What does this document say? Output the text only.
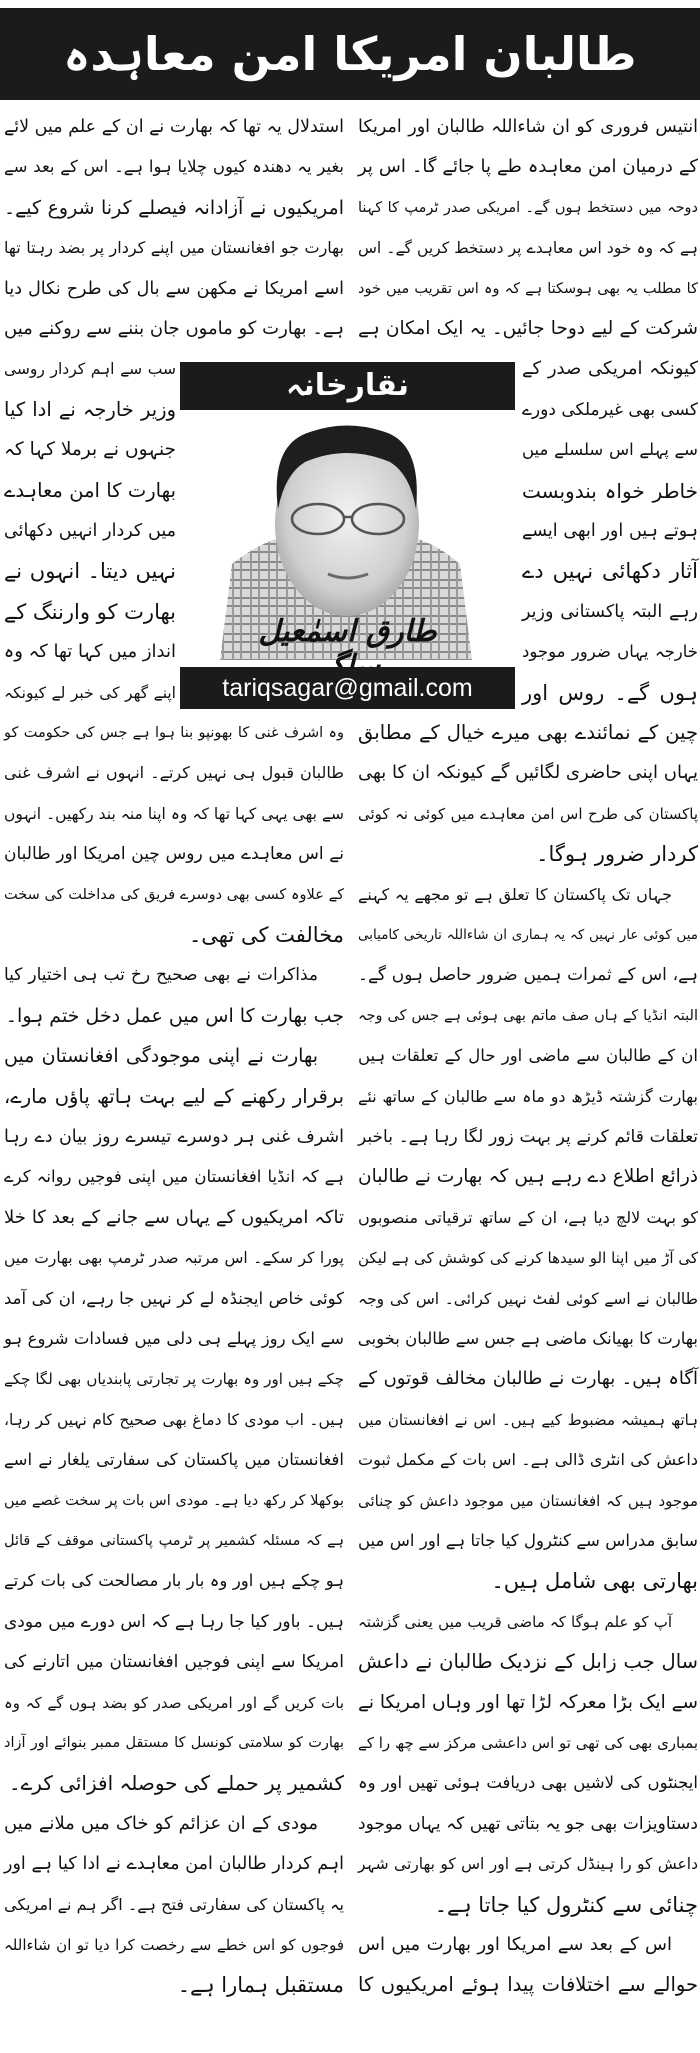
طالبان امریکا امن معاہدہ
انتیس فروری کو ان شاءاللہ طالبان اور امریکا
کے درمیان امن معاہدہ طے پا جائے گا۔ اس پر
دوحہ میں دستخط ہوں گے۔ امریکی صدر ٹرمپ کا کہنا
ہے کہ وہ خود اس معاہدے پر دستخط کریں گے۔ اس
کا مطلب یہ بھی ہوسکتا ہے کہ وہ اس تقریب میں خود
شرکت کے لیے دوحا جائیں۔ یہ ایک امکان ہے
کیونکہ امریکی صدر کے
کسی بھی غیرملکی دورے
سے پہلے اس سلسلے میں
خاطر خواہ بندوبست
ہوتے ہیں اور ابھی ایسے
آثار دکھائی نہیں دے
رہے البتہ پاکستانی وزیر
خارجہ یہاں ضرور موجود
ہوں گے۔ روس اور
چین کے نمائندے بھی میرے خیال کے مطابق
یہاں اپنی حاضری لگائیں گے کیونکہ ان کا بھی
پاکستان کی طرح اس امن معاہدے میں کوئی نہ کوئی
کردار ضرور ہوگا۔
جہاں تک پاکستان کا تعلق ہے تو مجھے یہ کہنے
میں کوئی عار نہیں کہ یہ ہماری ان شاءاللہ تاریخی کامیابی
ہے، اس کے ثمرات ہمیں ضرور حاصل ہوں گے۔
البتہ انڈیا کے ہاں صف ماتم بھی ہوئی ہے جس کی وجہ
ان کے طالبان سے ماضی اور حال کے تعلقات ہیں
بھارت گزشتہ ڈیڑھ دو ماہ سے طالبان کے ساتھ نئے
تعلقات قائم کرنے پر بہت زور لگا رہا ہے۔ باخبر
ذرائع اطلاع دے رہے ہیں کہ بھارت نے طالبان
کو بہت لالچ دیا ہے، ان کے ساتھ ترقیاتی منصوبوں
کی آڑ میں اپنا الو سیدھا کرنے کی کوشش کی ہے لیکن
طالبان نے اسے کوئی لفٹ نہیں کرائی۔ اس کی وجہ
بھارت کا بھیانک ماضی ہے جس سے طالبان بخوبی
آگاہ ہیں۔ بھارت نے طالبان مخالف قوتوں کے
ہاتھ ہمیشہ مضبوط کیے ہیں۔ اس نے افغانستان میں
داعش کی انٹری ڈالی ہے۔ اس بات کے مکمل ثبوت
موجود ہیں کہ افغانستان میں موجود داعش کو چنائی
سابق مدراس سے کنٹرول کیا جاتا ہے اور اس میں
بھارتی بھی شامل ہیں۔
آپ کو علم ہوگا کہ ماضی قریب میں یعنی گزشتہ
سال جب زابل کے نزدیک طالبان نے داعش
سے ایک بڑا معرکہ لڑا تھا اور وہاں امریکا نے
بمباری بھی کی تھی تو اس داعشی مرکز سے چھ را کے
ایجنٹوں کی لاشیں بھی دریافت ہوئی تھیں اور وہ
دستاویزات بھی جو یہ بتاتی تھیں کہ یہاں موجود
داعش کو را ہینڈل کرتی ہے اور اس کو بھارتی شہر
چنائی سے کنٹرول کیا جاتا ہے۔
اس کے بعد سے امریکا اور بھارت میں اس
حوالے سے اختلافات پیدا ہوئے امریکیوں کا
استدلال یہ تھا کہ بھارت نے ان کے علم میں لائے
بغیر یہ دھندہ کیوں چلایا ہوا ہے۔ اس کے بعد سے
امریکیوں نے آزادانہ فیصلے کرنا شروع کیے۔
بھارت جو افغانستان میں اپنے کردار پر بضد رہتا تھا
اسے امریکا نے مکھن سے بال کی طرح نکال دیا
ہے۔ بھارت کو ماموں جان بننے سے روکنے میں
سب سے اہم کردار روسی
وزیر خارجہ نے ادا کیا
جنہوں نے برملا کہا کہ
بھارت کا امن معاہدے
میں کردار انہیں دکھائی
نہیں دیتا۔ انہوں نے
بھارت کو وارننگ کے
انداز میں کہا تھا کہ وہ
اپنے گھر کی خبر لے کیونکہ
وہ اشرف غنی کا بھونپو بنا ہوا ہے جس کی حکومت کو
طالبان قبول ہی نہیں کرتے۔ انہوں نے اشرف غنی
سے بھی یہی کہا تھا کہ وہ اپنا منہ بند رکھیں۔ انہوں
نے اس معاہدے میں روس چین امریکا اور طالبان
کے علاوہ کسی بھی دوسرے فریق کی مداخلت کی سخت
مخالفت کی تھی۔
مذاکرات نے بھی صحیح رخ تب ہی اختیار کیا
جب بھارت کا اس میں عمل دخل ختم ہوا۔
بھارت نے اپنی موجودگی افغانستان میں
برقرار رکھنے کے لیے بہت ہاتھ پاؤں مارے،
اشرف غنی ہر دوسرے تیسرے روز بیان دے رہا
ہے کہ انڈیا افغانستان میں اپنی فوجیں روانہ کرے
تاکہ امریکیوں کے یہاں سے جانے کے بعد کا خلا
پورا کر سکے۔ اس مرتبہ صدر ٹرمپ بھی بھارت میں
کوئی خاص ایجنڈہ لے کر نہیں جا رہے، ان کی آمد
سے ایک روز پہلے ہی دلی میں فسادات شروع ہو
چکے ہیں اور وہ بھارت پر تجارتی پابندیاں بھی لگا چکے
ہیں۔ اب مودی کا دماغ بھی صحیح کام نہیں کر رہا،
افغانستان میں پاکستان کی سفارتی یلغار نے اسے
بوکھلا کر رکھ دیا ہے۔ مودی اس بات پر سخت غصے میں
ہے کہ مسئلہ کشمیر پر ٹرمپ پاکستانی موقف کے قائل
ہو چکے ہیں اور وہ بار بار مصالحت کی بات کرتے
ہیں۔ باور کیا جا رہا ہے کہ اس دورے میں مودی
امریکا سے اپنی فوجیں افغانستان میں اتارنے کی
بات کریں گے اور امریکی صدر کو بضد ہوں گے کہ وہ
بھارت کو سلامتی کونسل کا مستقل ممبر بنوائے اور آزاد
کشمیر پر حملے کی حوصلہ افزائی کرے۔
مودی کے ان عزائم کو خاک میں ملانے میں
اہم کردار طالبان امن معاہدے نے ادا کیا ہے اور
یہ پاکستان کی سفارتی فتح ہے۔ اگر ہم نے امریکی
فوجوں کو اس خطے سے رخصت کرا دیا تو ان شاءاللہ
مستقبل ہمارا ہے۔
نقارخانہ
طارق اسمٰعیل
tariqsagar@gmail.com
